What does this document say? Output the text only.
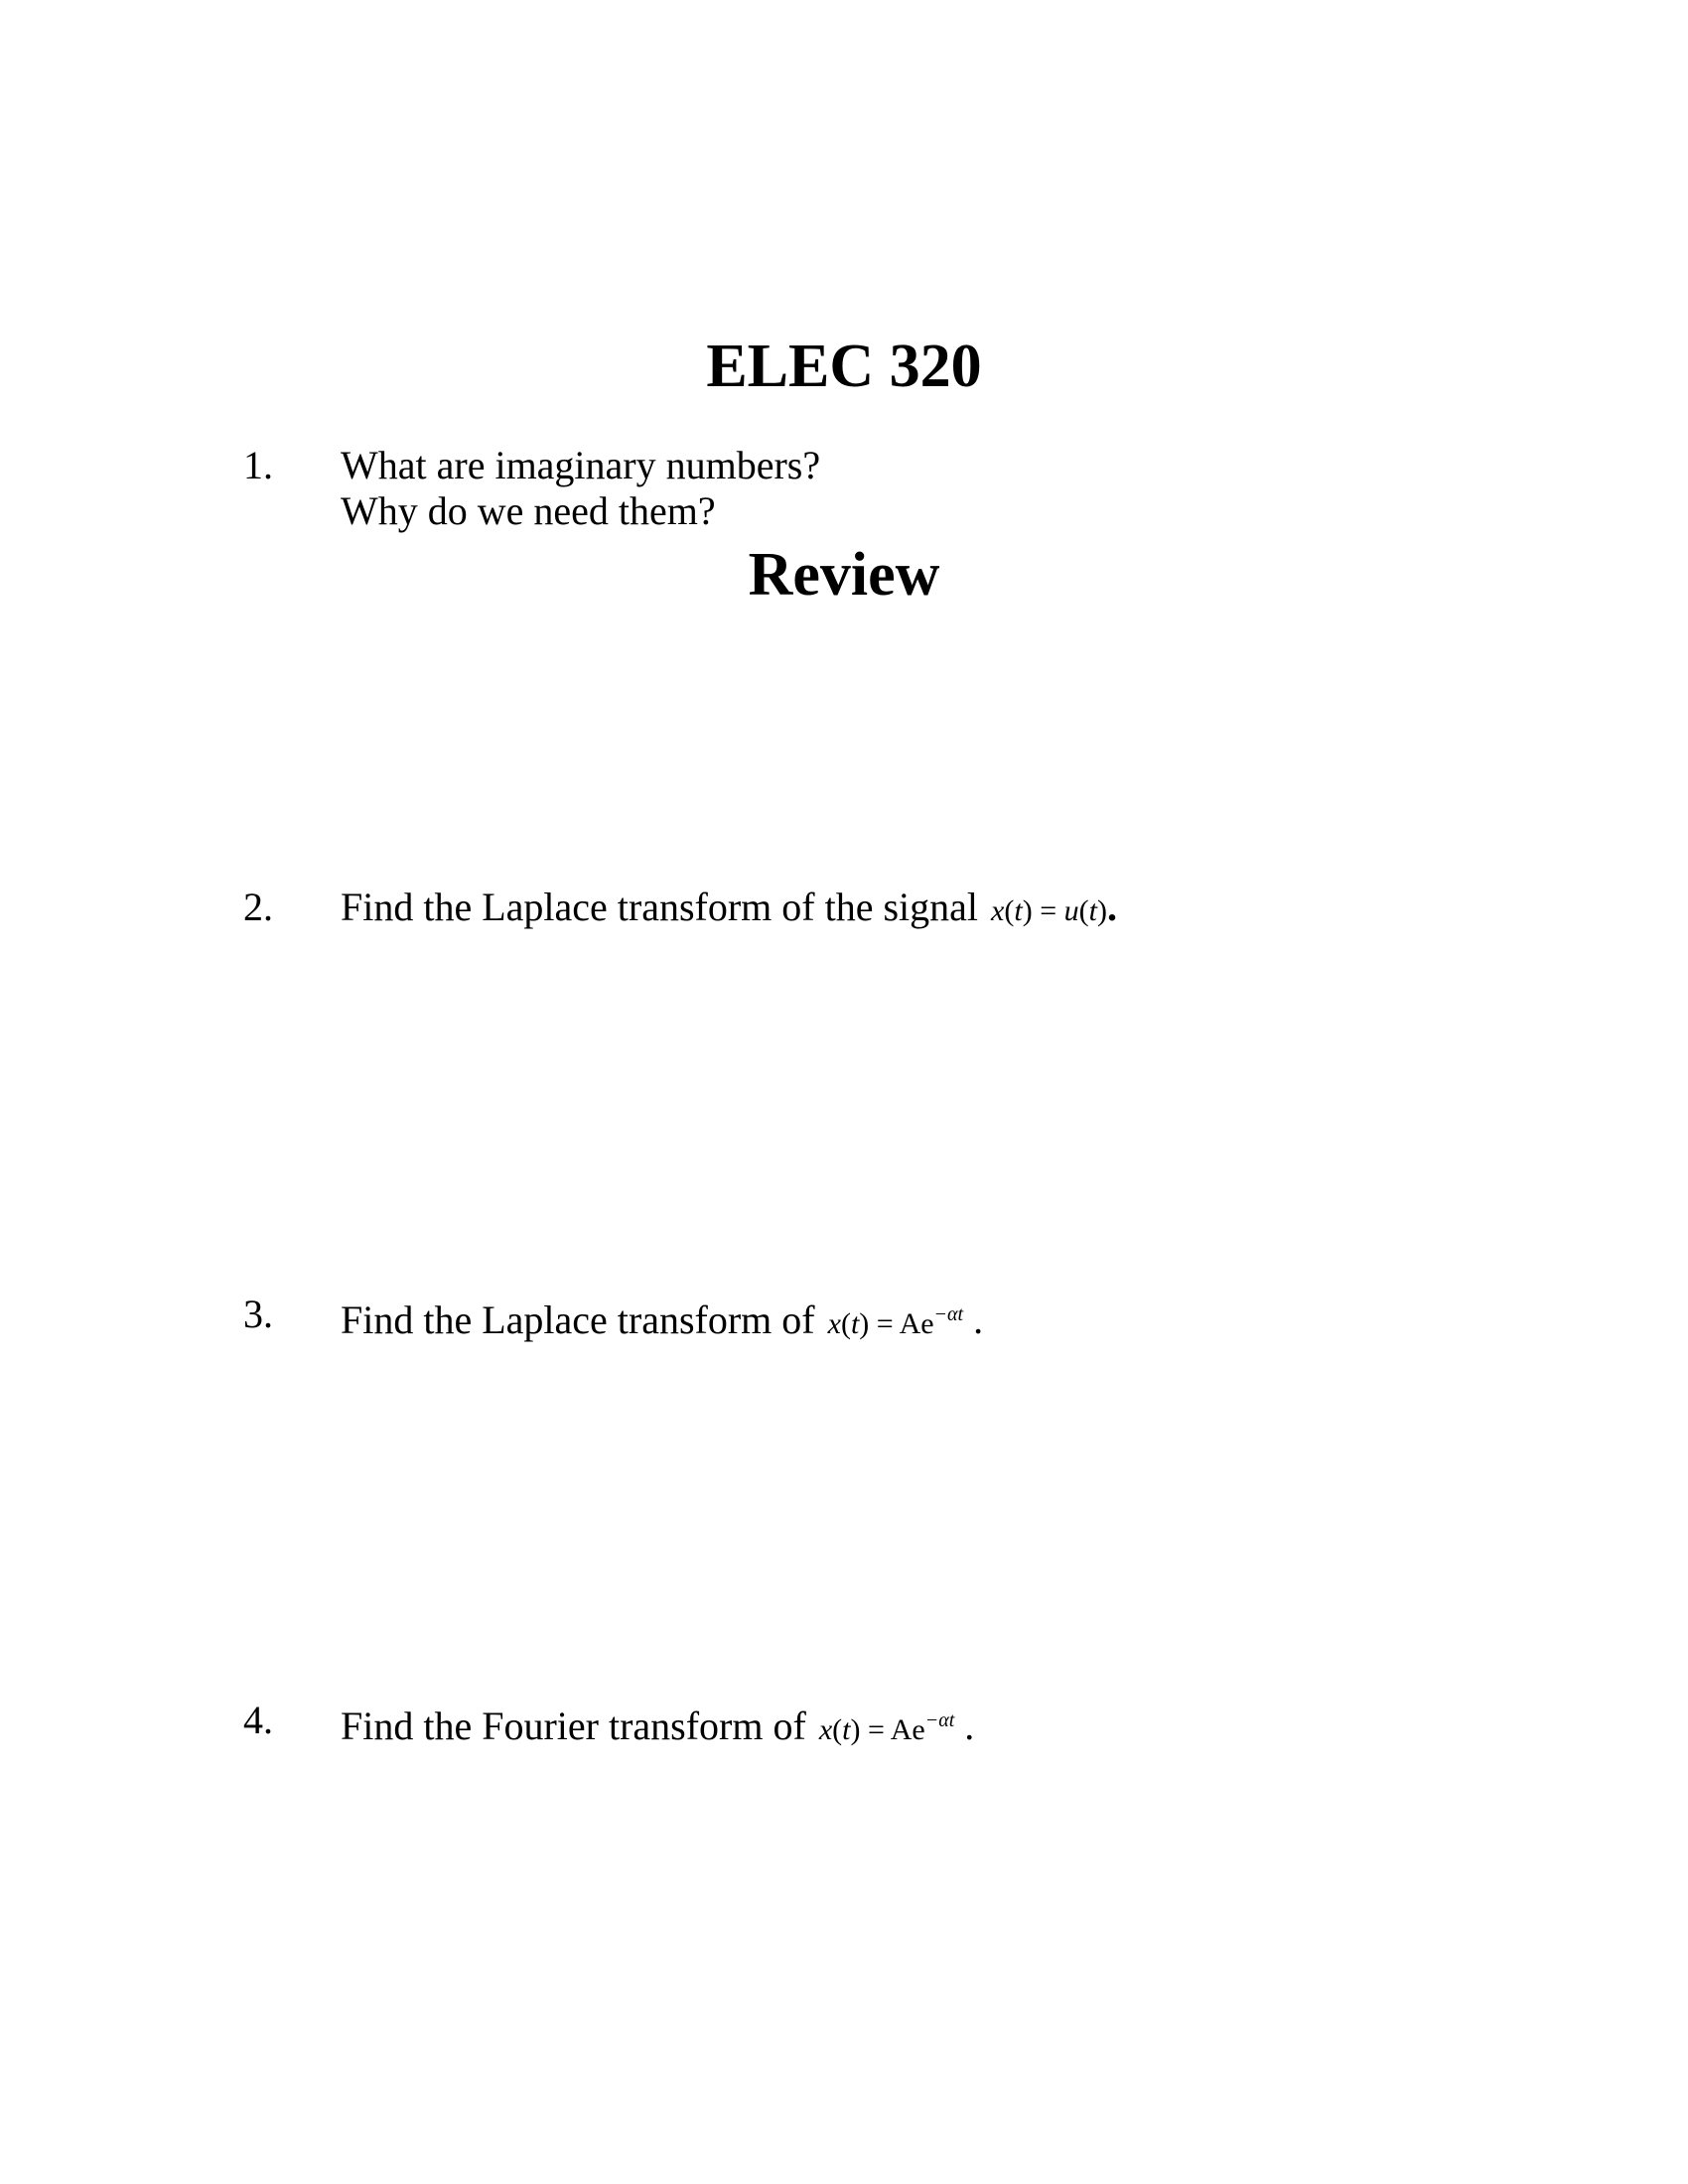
ELEC 320

Review

1.	What are imaginary numbers?
Why do we need them?
2.	Find the Laplace transform of the signal x(t) = u(t).
3.	Find the Laplace transform of $x(t) = Ae^{-\alpha t}$ .
4.	Find the Fourier transform of $x(t) = Ae^{-\alpha t}$ .
